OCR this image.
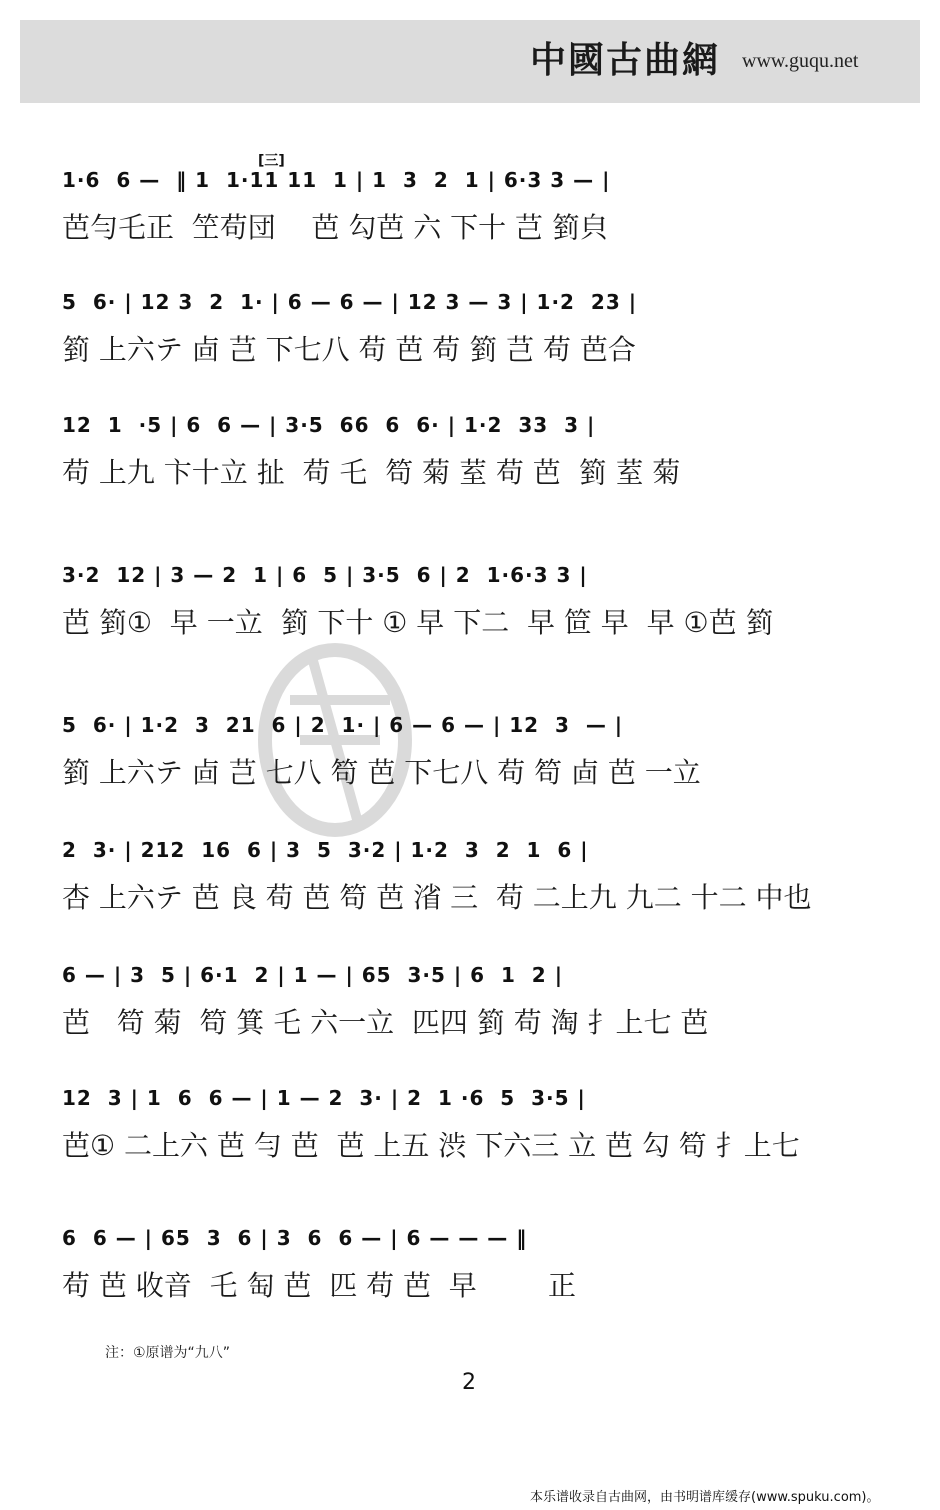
中國古曲網 www.guqu.net
[三]
1·6  6 —  ‖ 1  1·11 11  1 | 1  3  2  1 | 6·3 3 — |
芭勻乇正  笁苟団    芭 勾芭 六 下十 芑 箌㒵
5  6· | 12 3  2  1· | 6 — 6 — | 12 3 — 3 | 1·2  23 |
箌 上六テ 㔽 芑 下七八 苟 芭 苟 箌 芑 苟 芭合
12  1  ·5 | 6  6 — | 3·5  66  6  6· | 1·2  33  3 |
苟 上九 卞十立 扯  苟 乇  笱 菊 荎 苟 芭  箌 荎 菊
3·2  12 | 3 — 2  1 | 6  5 | 3·5  6 | 2  1·6·3 3 |
芭 箌①  早 一立  箌 下十 ① 早 下二  早 笸 早  早 ①芭 箌
5  6· | 1·2  3  21  6 | 2  1· | 6 — 6 — | 12  3  — |
箌 上六テ 㔽 芑 七八 笱 芭 下七八 苟 笱 㔽 芭 一立
2  3· | 212  16  6 | 3  5  3·2 | 1·2  3  2  1  6 |
杏 上六テ 芭 良 苟 芭 笱 芭 渻 三  苟 二上九 九二 十二 中也
6 — | 3  5 | 6·1  2 | 1 — | 65  3·5 | 6  1  2 |
芭   笱 菊  笱 箕 乇 六一立  匹四 箌 苟 淘 扌上七 芭
12  3 | 1  6  6 — | 1 — 2  3· | 2  1 ·6  5  3·5 |
芭① 二上六 芭 勻 芭  芭 上五 渋 下六三 立 芭 勾 笱 扌上七
6  6 — | 65  3  6 | 3  6  6 — | 6 — — — ‖
苟 芭 收音  乇 匋 芭  匹 苟 芭  早        正
注：①原谱为“九八”
2
本乐谱收录自古曲网，由书明谱库缓存(www.spuku.com)。
